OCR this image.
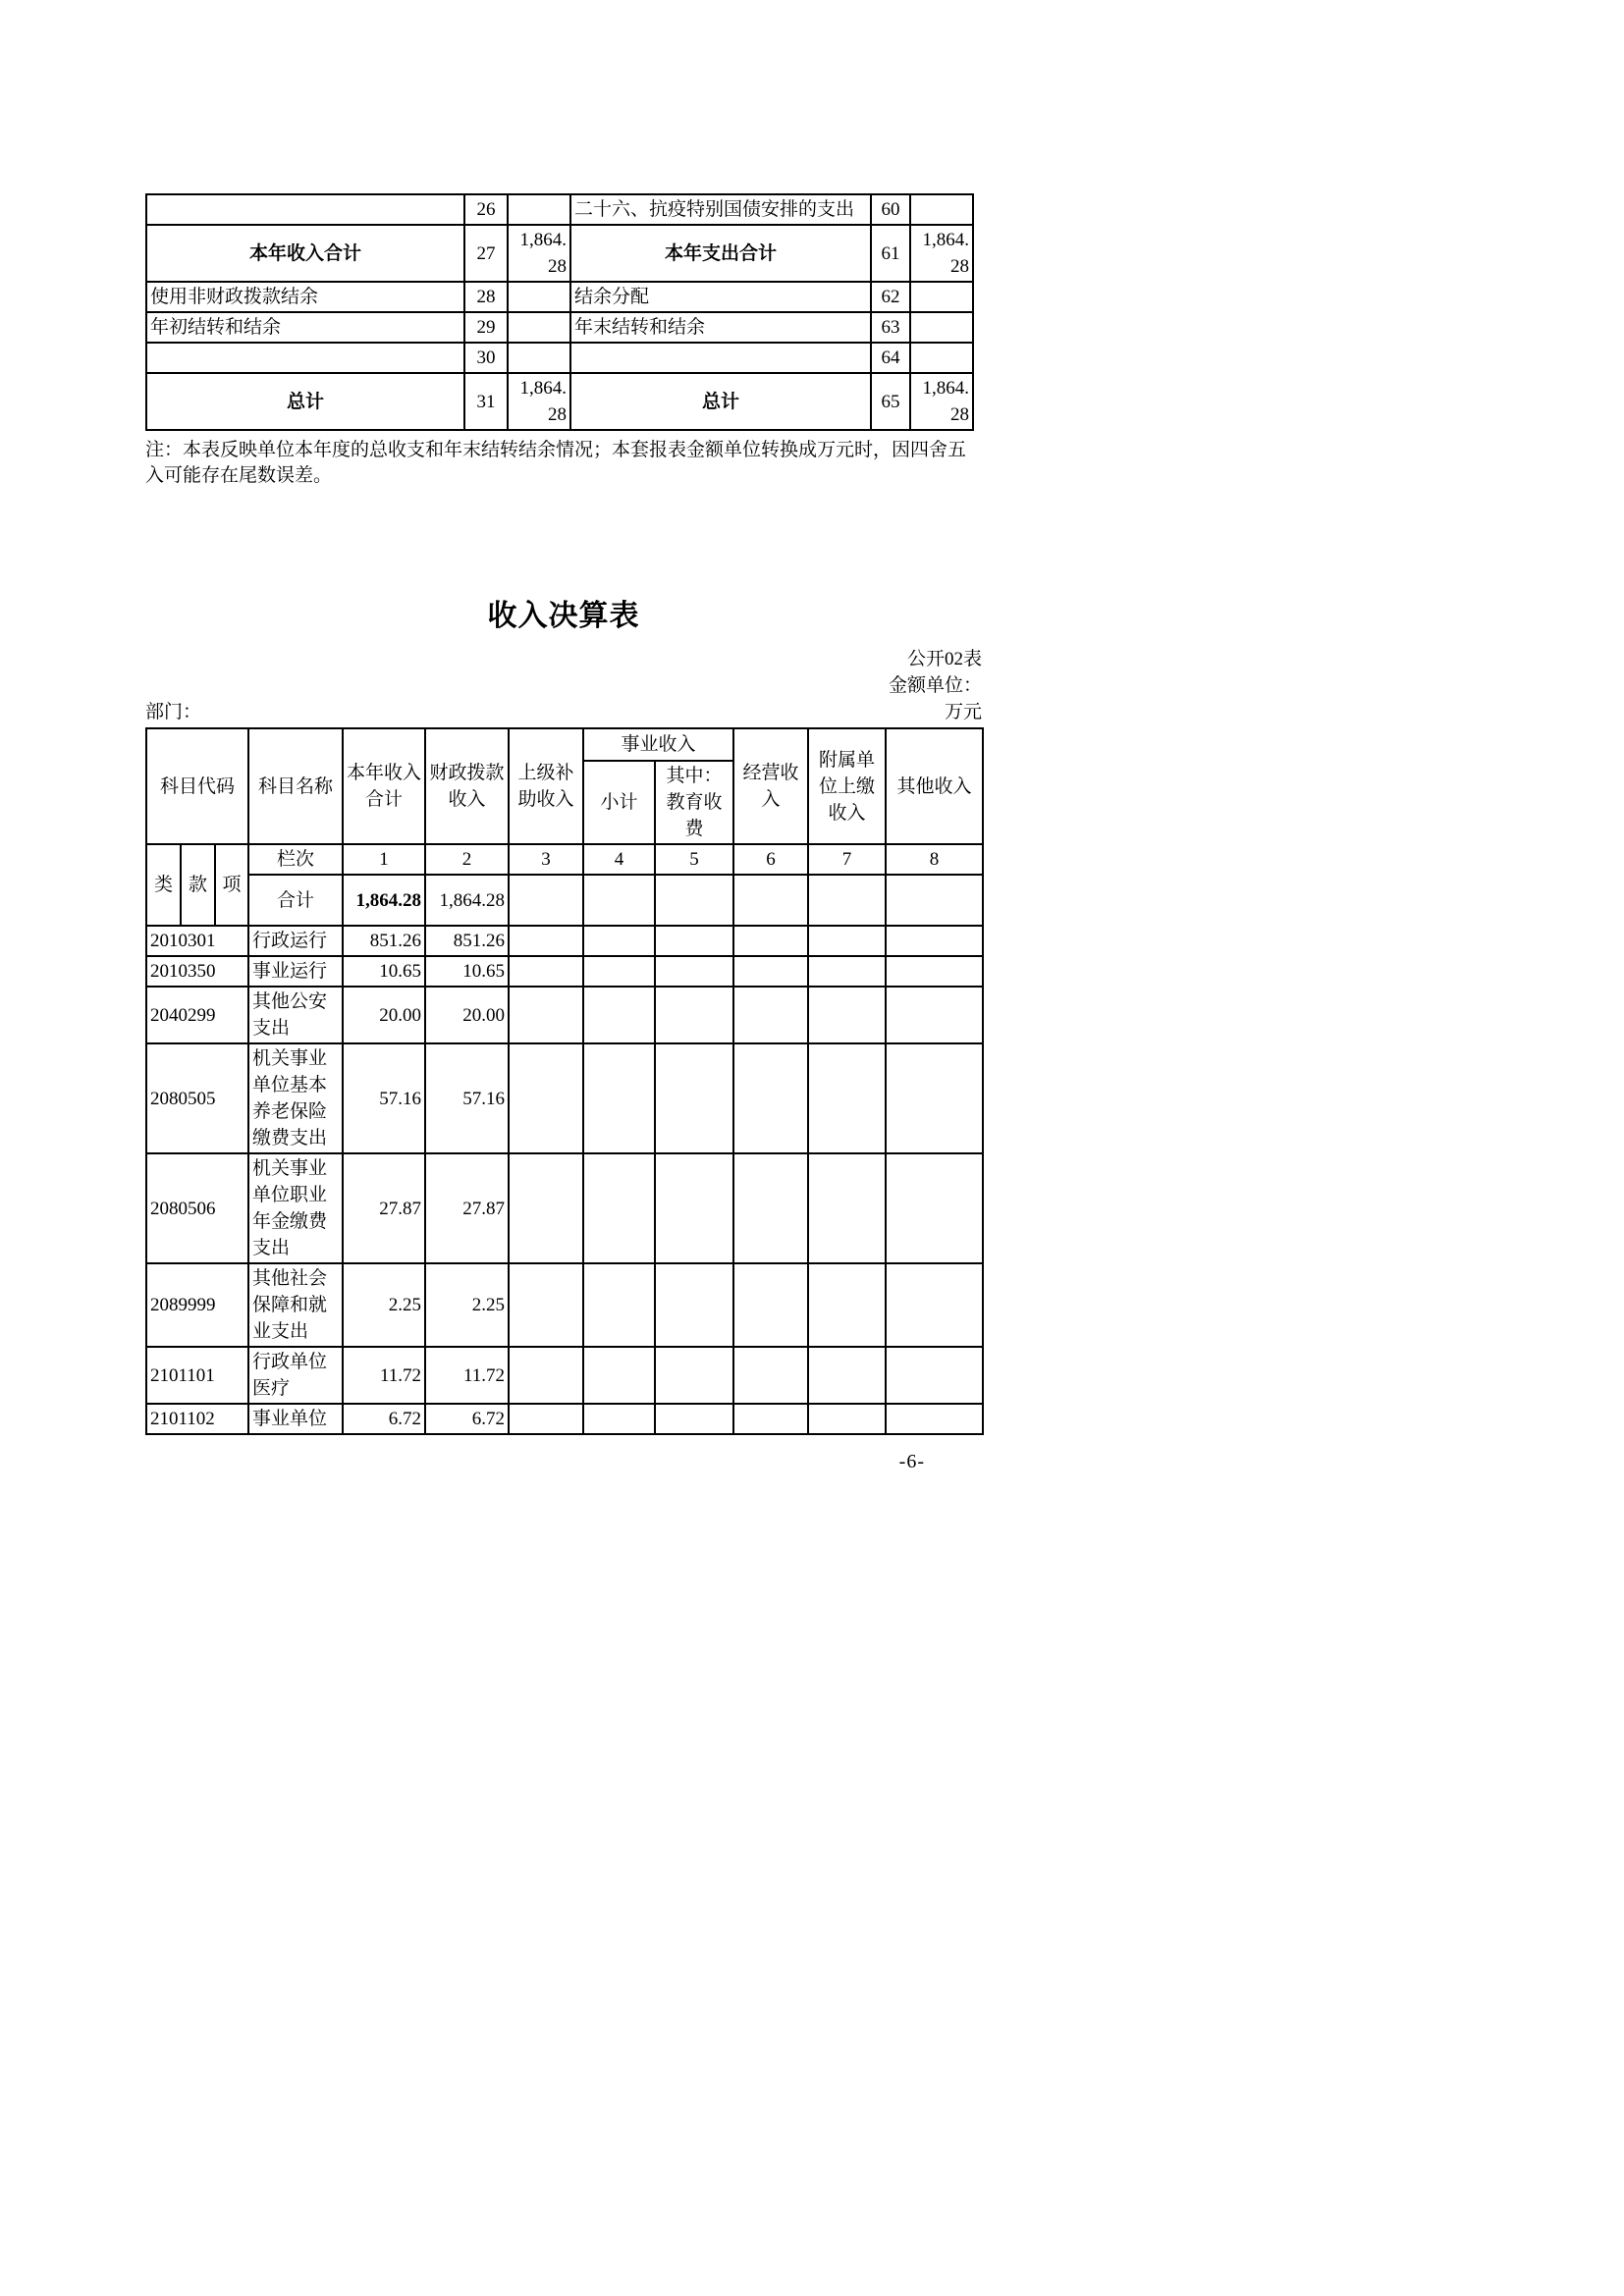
	26		二十六、抗疫特别国债安排的支出	60	
本年收入合计	27	1,864.28	本年支出合计	61	1,864.28
使用非财政拨款结余	28		结余分配	62	
年初结转和结余	29		年末结转和结余	63	
	30			64	
总计	31	1,864.28	总计	65	1,864.28
注：本表反映单位本年度的总收支和年末结转结余情况；本套报表金额单位转换成万元时，因四舍五入可能存在尾数误差。
收入决算表
公开02表
金额单位：
部门：	万元
科目代码			科目名称	本年收入合计	财政拨款收入	上级补助收入	事业收入		经营收入	附属单位上缴收入	其他收入
							小计	其中：教育收费			
类	款	项	栏次	1	2	3	4	5	6	7	8
			合计	1,864.28	1,864.28						
2010301			行政运行	851.26	851.26						
2010350			事业运行	10.65	10.65						
2040299			其他公安支出	20.00	20.00						
2080505			机关事业单位基本养老保险缴费支出	57.16	57.16						
2080506			机关事业单位职业年金缴费支出	27.87	27.87						
2089999			其他社会保障和就业支出	2.25	2.25						
2101101			行政单位医疗	11.72	11.72						
2101102			事业单位	6.72	6.72						
-6-
